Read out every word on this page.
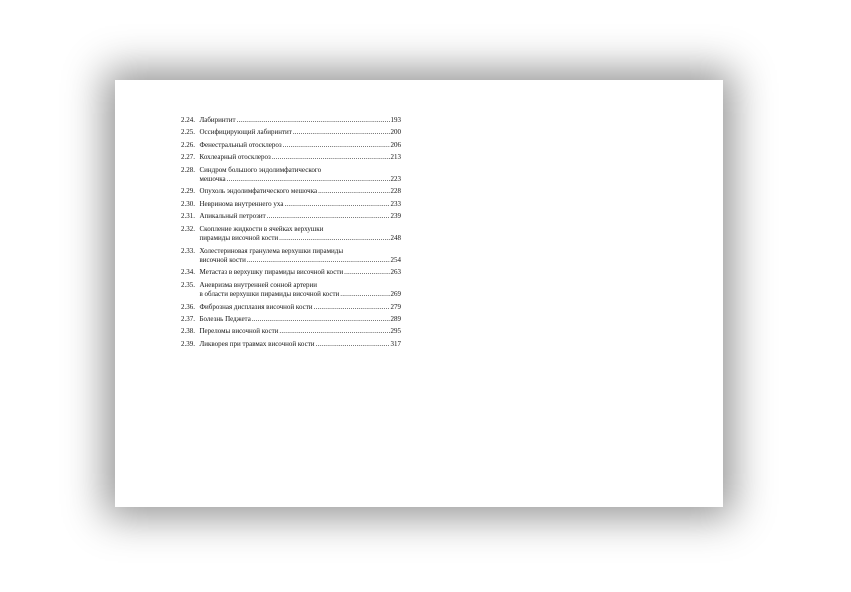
2.24. Лабиринтит .....	193
2.25. Оссифицирующий лабиринтит .....	200
2.26. Фенестральный отосклероз .....	206
2.27. Кохлеарный отосклероз .....	213
2.28. Синдром большого эндолимфатического
мешочка .....	223
2.29. Опухоль эндолимфатического мешочка .....	228
2.30. Невринома внутреннего уха .....	233
2.31. Апикальный петрозит .....	239
2.32. Скопление жидкости в ячейках верхушки
пирамиды височной кости .....	248
2.33. Холестериновая гранулема верхушки пирамиды
височной кости .....	254
2.34. Метастаз в верхушку пирамиды височной кости .....	263
2.35. Аневризма внутренней сонной артерии
в области верхушки пирамиды височной кости .....	269
2.36. Фиброзная дисплазия височной кости .....	279
2.37. Болезнь Педжета .....	289
2.38. Переломы височной кости .....	295
2.39. Ликворея при травмах височной кости .....	317
